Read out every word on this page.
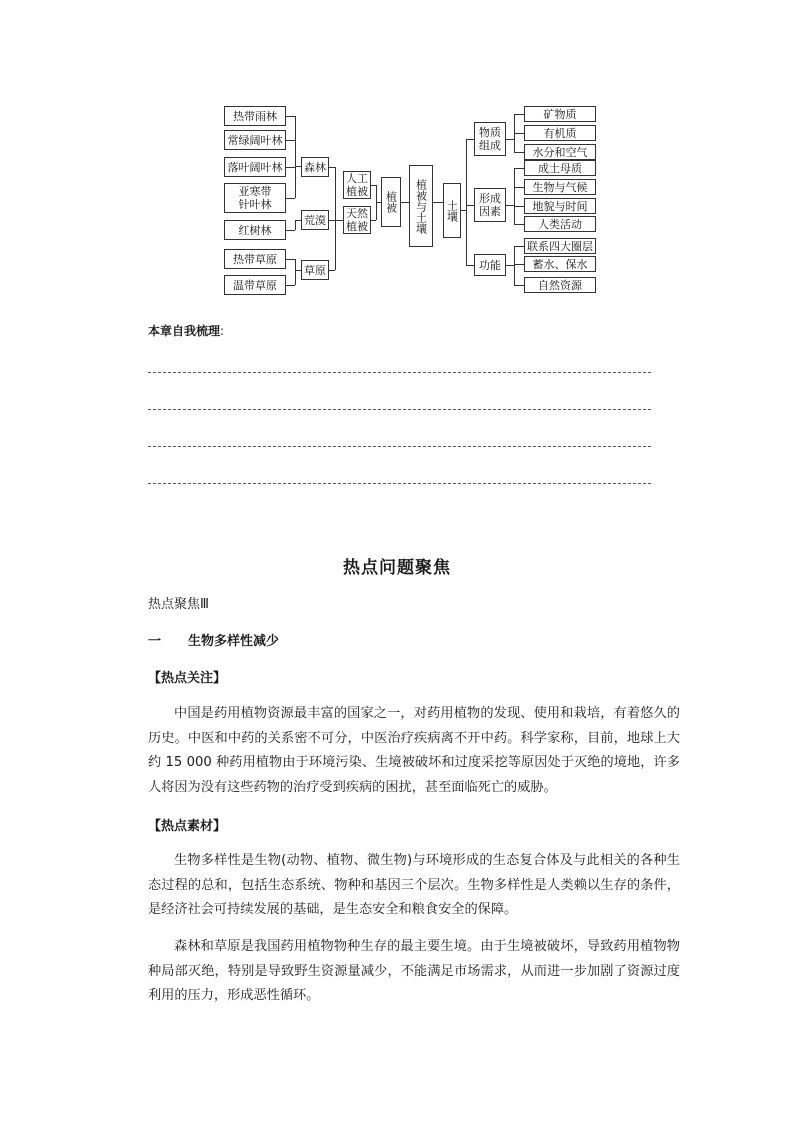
热带雨林
常绿阔叶林
落叶阔叶林
亚寒带
针叶林
红树林
热带草原
温带草原
森林
荒漠
草原
人工
植被
天然
植被
植被	植被与土壤	土壤
物质
组成
形成
因素
功能
矿物质
有机质
水分和空气
成土母质
生物与气候
地貌与时间
人类活动
联系四大圈层
蓄水、保水
自然资源
本章自我梳理:
热点问题聚焦
热点聚焦Ⅲ
一 生物多样性减少
【热点关注】
中国是药用植物资源最丰富的国家之一，对药用植物的发现、使用和栽培，有着悠久的历史。中医和中药的关系密不可分，中医治疗疾病离不开中药。科学家称，目前，地球上大约 15 000 种药用植物由于环境污染、生境被破坏和过度采挖等原因处于灭绝的境地，许多人将因为没有这些药物的治疗受到疾病的困扰，甚至面临死亡的威胁。
【热点素材】
生物多样性是生物(动物、植物、微生物)与环境形成的生态复合体及与此相关的各种生态过程的总和，包括生态系统、物种和基因三个层次。生物多样性是人类赖以生存的条件，是经济社会可持续发展的基础，是生态安全和粮食安全的保障。
森林和草原是我国药用植物物种生存的最主要生境。由于生境被破坏，导致药用植物物种局部灭绝，特别是导致野生资源量减少，不能满足市场需求，从而进一步加剧了资源过度利用的压力，形成恶性循环。
